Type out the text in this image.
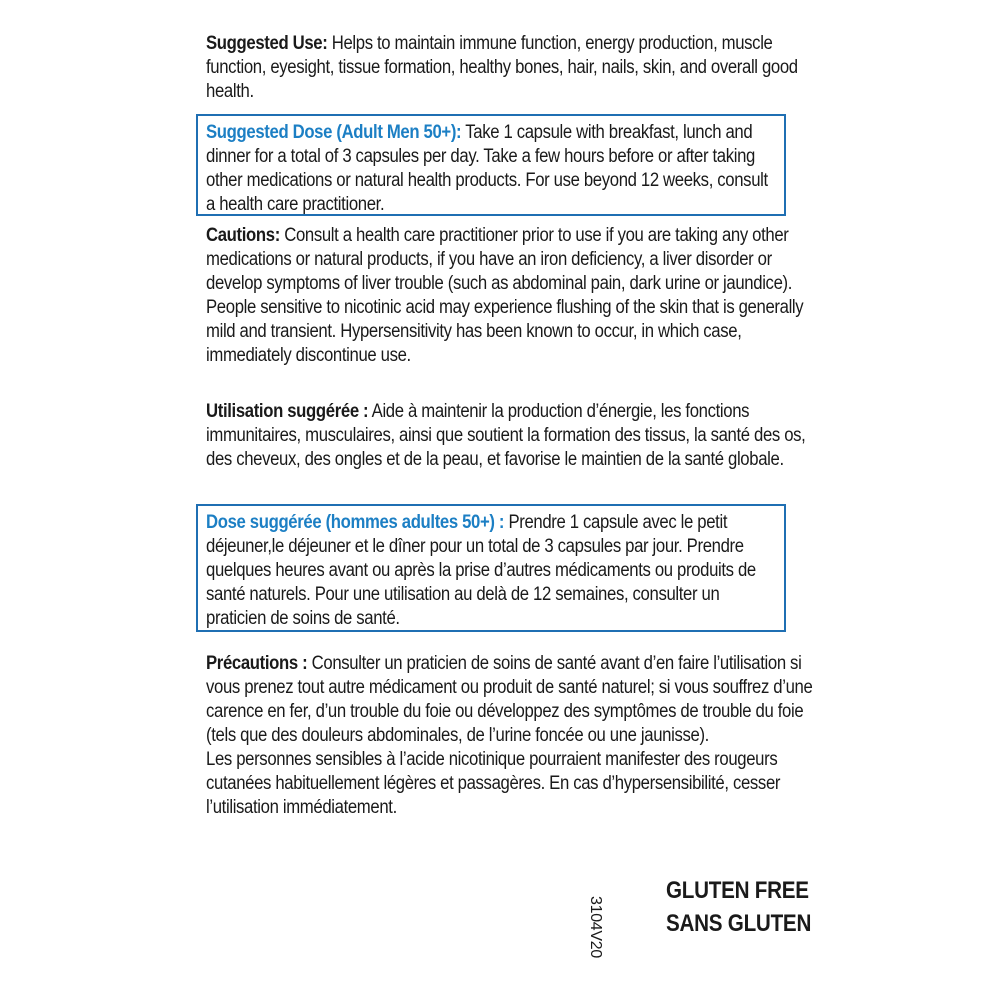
Suggested Use: Helps to maintain immune function, energy production, muscle function, eyesight, tissue formation, healthy bones, hair, nails, skin, and overall good health.

Suggested Dose (Adult Men 50+): Take 1 capsule with breakfast, lunch and dinner for a total of 3 capsules per day. Take a few hours before or after taking other medications or natural health products. For use beyond 12 weeks, consult a health care practitioner.

Cautions: Consult a health care practitioner prior to use if you are taking any other medications or natural products, if you have an iron deficiency, a liver disorder or develop symptoms of liver trouble (such as abdominal pain, dark urine or jaundice). People sensitive to nicotinic acid may experience flushing of the skin that is generally mild and transient. Hypersensitivity has been known to occur, in which case, immediately discontinue use.

Utilisation suggérée : Aide à maintenir la production d’énergie, les fonctions immunitaires, musculaires, ainsi que soutient la formation des tissus, la santé des os, des cheveux, des ongles et de la peau, et favorise le maintien de la santé globale.

Dose suggérée (hommes adultes 50+) : Prendre 1 capsule avec le petit déjeuner,le déjeuner et le dîner pour un total de 3 capsules par jour. Prendre quelques heures avant ou après la prise d’autres médicaments ou produits de santé naturels. Pour une utilisation au delà de 12 semaines, consulter un praticien de soins de santé.

Précautions : Consulter un praticien de soins de santé avant d’en faire l’utilisation si vous prenez tout autre médicament ou produit de santé naturel; si vous souffrez d’une carence en fer, d’un trouble du foie ou développez des symptômes de trouble du foie (tels que des douleurs abdominales, de l’urine foncée ou une jaunisse).
Les personnes sensibles à l’acide nicotinique pourraient manifester des rougeurs cutanées habituellement légères et passagères. En cas d’hypersensibilité, cesser l’utilisation immédiatement.
3104V20
GLUTEN FREE
SANS GLUTEN
